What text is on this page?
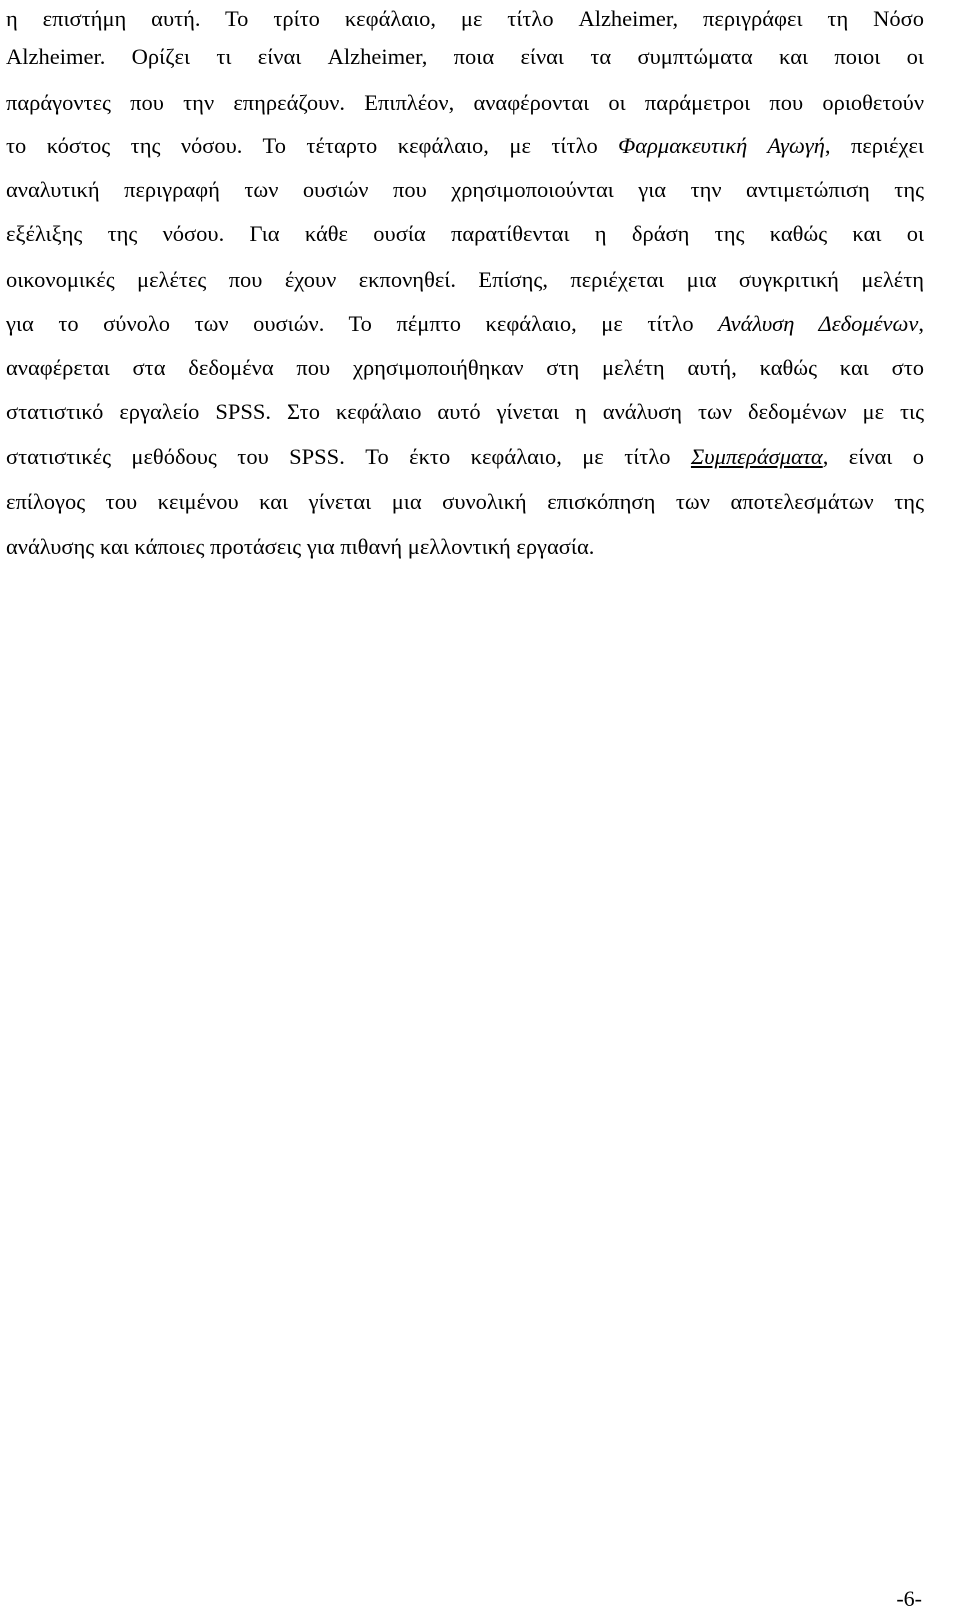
η επιστήμη αυτή. Το τρίτο κεφάλαιο, με τίτλο Alzheimer, περιγράφει τη Νόσο
Alzheimer. Ορίζει τι είναι Alzheimer, ποια είναι τα συμπτώματα και ποιοι οι
παράγοντες που την επηρεάζουν. Επιπλέον, αναφέρονται οι παράμετροι που οριοθετούν
το κόστος της νόσου. Το τέταρτο κεφάλαιο, με τίτλο Φαρμακευτική Αγωγή, περιέχει
αναλυτική περιγραφή των ουσιών που χρησιμοποιούνται για την αντιμετώπιση της
εξέλιξης της νόσου. Για κάθε ουσία παρατίθενται η δράση της καθώς και οι
οικονομικές μελέτες που έχουν εκπονηθεί. Επίσης, περιέχεται μια συγκριτική μελέτη
για το σύνολο των ουσιών. Το πέμπτο κεφάλαιο, με τίτλο Ανάλυση Δεδομένων,
αναφέρεται στα δεδομένα που χρησιμοποιήθηκαν στη μελέτη αυτή, καθώς και στο
στατιστικό εργαλείο SPSS. Στο κεφάλαιο αυτό γίνεται η ανάλυση των δεδομένων με τις
στατιστικές μεθόδους του SPSS. Το έκτο κεφάλαιο, με τίτλο Συμπεράσματα, είναι ο
επίλογος του κειμένου και γίνεται μια συνολική επισκόπηση των αποτελεσμάτων της
ανάλυσης και κάποιες προτάσεις για πιθανή μελλοντική εργασία.
-6-
